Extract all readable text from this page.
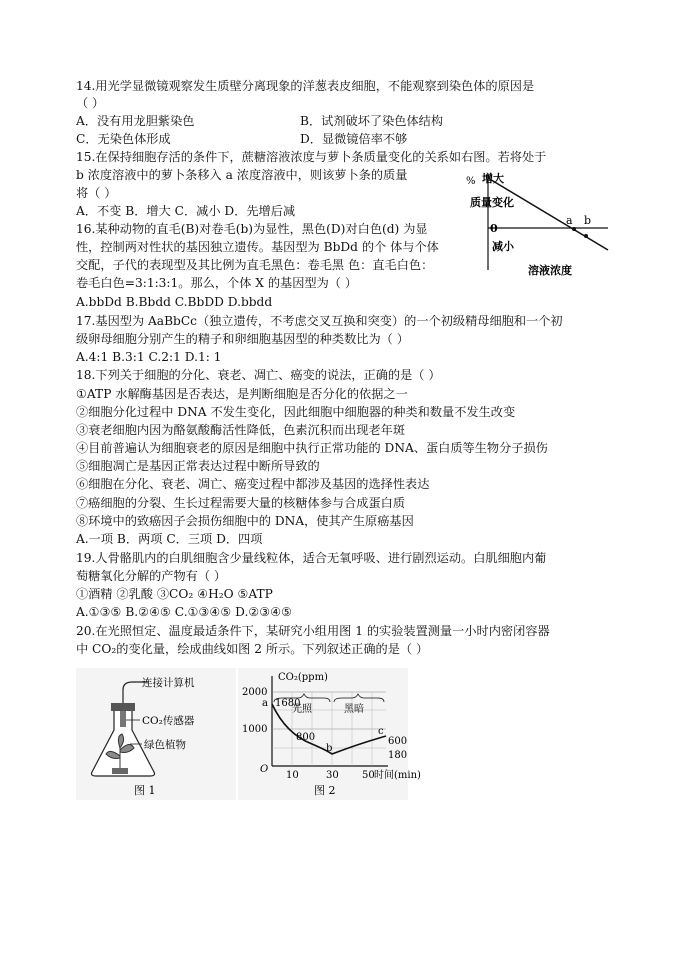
14.用光学显微镜观察发生质壁分离现象的洋葱表皮细胞，不能观察到染色体的原因是
（ ）
A．没有用龙胆紫染色	B．试剂破坏了染色体结构
C．无染色体形成	D．显微镜倍率不够
15.在保持细胞存活的条件下，蔗糖溶液浓度与萝卜条质量变化的关系如右图。若将处于
b 浓度溶液中的萝卜条移入 a 浓度溶液中，则该萝卜条的质量
将（ ）
A．不变 B．增大 C．减小 D．先增后减
% 增大
质量变化
0
减小
a b
溶液浓度
16.某种动物的直毛(B)对卷毛(b)为显性，黑色(D)对白色(d) 为显
性，控制两对性状的基因独立遗传。基因型为 BbDd 的个 体与个体
交配，子代的表现型及其比例为直毛黑色：卷毛黑 色：直毛白色：
卷毛白色=3:1:3:1。那么，个体 X 的基因型为（ ）
A.bbDd B.Bbdd C.BbDD D.bbdd
17.基因型为 AaBbCc（独立遗传，不考虑交叉互换和突变）的一个初级精母细胞和一个初
级卵母细胞分别产生的精子和卵细胞基因型的种类数比为（ ）
A.4:1 B.3:1 C.2:1 D.1: 1
18.下列关于细胞的分化、衰老、凋亡、癌变的说法，正确的是（ ）
①ATP 水解酶基因是否表达，是判断细胞是否分化的依据之一
②细胞分化过程中 DNA 不发生变化，因此细胞中细胞器的种类和数量不发生改变
③衰老细胞内因为酪氨酸酶活性降低，色素沉积而出现老年斑
④目前普遍认为细胞衰老的原因是细胞中执行正常功能的 DNA、蛋白质等生物分子损伤
⑤细胞凋亡是基因正常表达过程中断所导致的
⑥细胞在分化、衰老、凋亡、癌变过程中都涉及基因的选择性表达
⑦癌细胞的分裂、生长过程需要大量的核糖体参与合成蛋白质
⑧环境中的致癌因子会损伤细胞中的 DNA，使其产生原癌基因
A.一项 B．两项 C．三项 D．四项
19.人骨骼肌内的白肌细胞含少量线粒体，适合无氧呼吸、进行剧烈运动。白肌细胞内葡
萄糖氧化分解的产物有（ ）
①酒精 ②乳酸 ③CO₂ ④H₂O ⑤ATP
A.①③⑤ B.②④⑤ C.①③④⑤ D.②③④⑤
20.在光照恒定、温度最适条件下，某研究小组用图 1 的实验装置测量一小时内密闭容器
中 CO₂的变化量，绘成曲线如图 2 所示。下列叙述正确的是（ ）
连接计算机
CO₂传感器
绿色植物
图 1
CO₂(ppm)
2000
1000
a 1680
光照	黑暗
800
b
c
600
180
O
10	30 50 时间(min)
图 2
